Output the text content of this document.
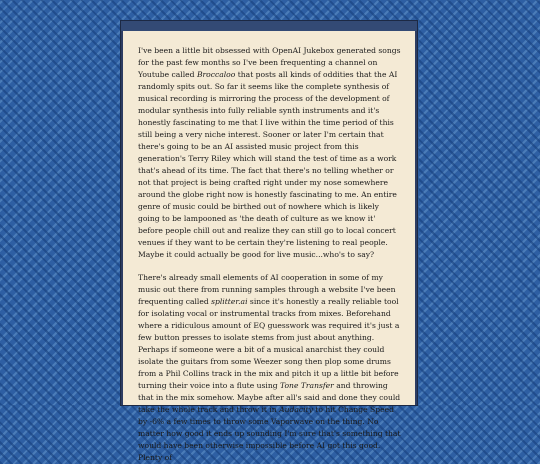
I've been a little bit obsessed with OpenAI Jukebox generated songs for the past few months so I've been frequenting a channel on Youtube called Broccaloo that posts all kinds of oddities that the AI randomly spits out. So far it seems like the complete synthesis of musical recording is mirroring the process of the development of modular synthesis into fully reliable synth instruments and it's honestly fascinating to me that I live within the time period of this still being a very niche interest. Sooner or later I'm certain that there's going to be an AI assisted music project from this generation's Terry Riley which will stand the test of time as a work that's ahead of its time. The fact that there's no telling whether or not that project is being crafted right under my nose somewhere around the globe right now is honestly fascinating to me. An entire genre of music could be birthed out of nowhere which is likely going to be lampooned as 'the death of culture as we know it' before people chill out and realize they can still go to local concert venues if they want to be certain they're listening to real people. Maybe it could actually be good for live music...who's to say?

There's already small elements of AI cooperation in some of my music out there from running samples through a website I've been frequenting called splitter.ai since it's honestly a really reliable tool for isolating vocal or instrumental tracks from mixes. Beforehand where a ridiculous amount of EQ guesswork was required it's just a few button presses to isolate stems from just about anything. Perhaps if someone were a bit of a musical anarchist they could isolate the guitars from some Weezer song then plop some drums from a Phil Collins track in the mix and pitch it up a little bit before turning their voice into a flute using Tone Transfer and throwing that in the mix somehow. Maybe after all's said and done they could take the whole track and throw it in Audacity to hit Change Speed by -6% a few times to throw some Vaporwave on the thing. No matter how good it ends up sounding I'm sure that's something that would have been otherwise impossible before AI got this good. Plenty of
